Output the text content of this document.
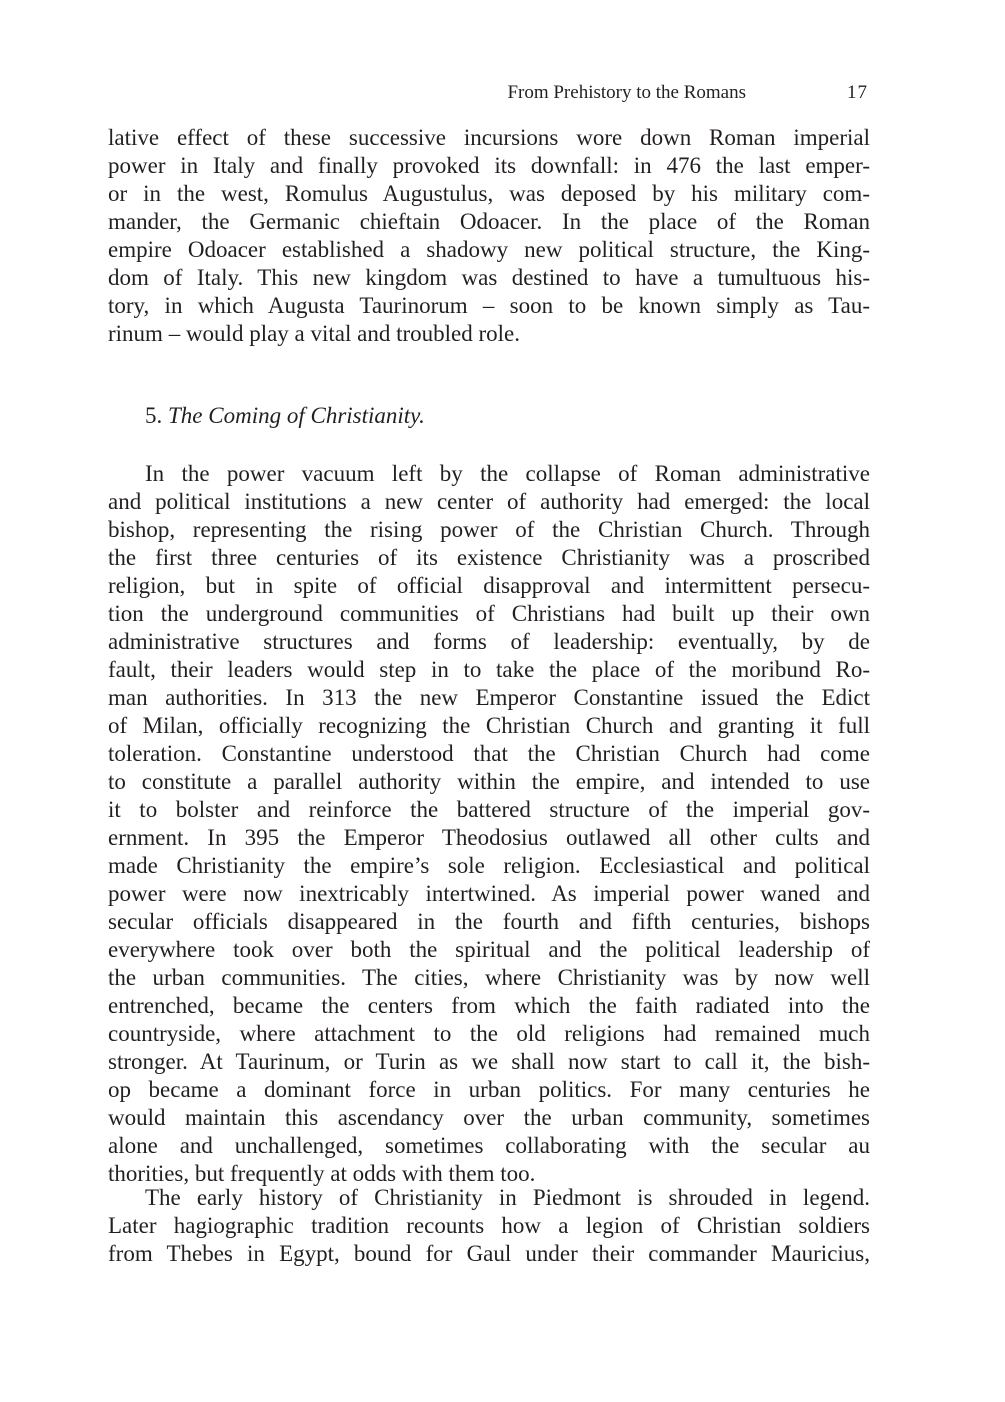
From Prehistory to the Romans	17
lative effect of these successive incursions wore down Roman imperial
power in Italy and finally provoked its downfall: in 476 the last emper-
or in the west, Romulus Augustulus, was deposed by his military com-
mander, the Germanic chieftain Odoacer. In the place of the Roman
empire Odoacer established a shadowy new political structure, the King-
dom of Italy. This new kingdom was destined to have a tumultuous his-
tory, in which Augusta Taurinorum – soon to be known simply as Tau-
rinum – would play a vital and troubled role.
5. The Coming of Christianity.
In the power vacuum left by the collapse of Roman administrative
and political institutions a new center of authority had emerged: the local
bishop, representing the rising power of the Christian Church. Through
the first three centuries of its existence Christianity was a proscribed
religion, but in spite of official disapproval and intermittent persecu-
tion the underground communities of Christians had built up their own
administrative structures and forms of leadership: eventually, by de
fault, their leaders would step in to take the place of the moribund Ro-
man authorities. In 313 the new Emperor Constantine issued the Edict
of Milan, officially recognizing the Christian Church and granting it full
toleration. Constantine understood that the Christian Church had come
to constitute a parallel authority within the empire, and intended to use
it to bolster and reinforce the battered structure of the imperial gov-
ernment. In 395 the Emperor Theodosius outlawed all other cults and
made Christianity the empire’s sole religion. Ecclesiastical and political
power were now inextricably intertwined. As imperial power waned and
secular officials disappeared in the fourth and fifth centuries, bishops
everywhere took over both the spiritual and the political leadership of
the urban communities. The cities, where Christianity was by now well
entrenched, became the centers from which the faith radiated into the
countryside, where attachment to the old religions had remained much
stronger. At Taurinum, or Turin as we shall now start to call it, the bish-
op became a dominant force in urban politics. For many centuries he
would maintain this ascendancy over the urban community, sometimes
alone and unchallenged, sometimes collaborating with the secular au
thorities, but frequently at odds with them too.
The early history of Christianity in Piedmont is shrouded in legend.
Later hagiographic tradition recounts how a legion of Christian soldiers
from Thebes in Egypt, bound for Gaul under their commander Mauricius,
